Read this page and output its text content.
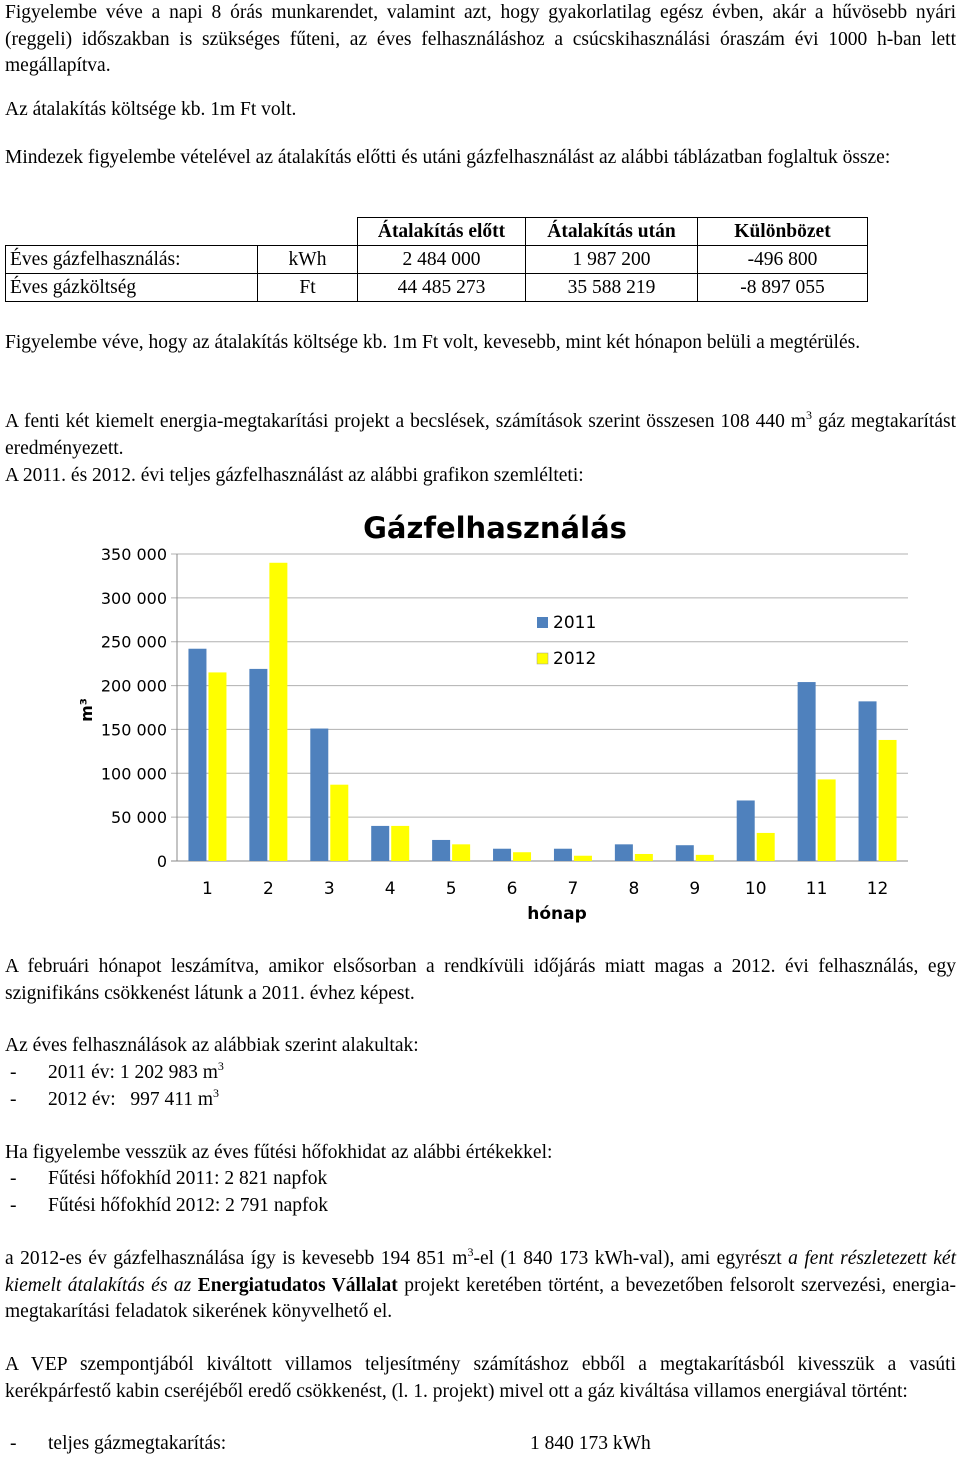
Figyelembe véve a napi 8 órás munkarendet, valamint azt, hogy gyakorlatilag egész évben, akár a hűvösebb nyári (reggeli) időszakban is szükséges fűteni, az éves felhasználáshoz a csúcskihasználási óraszám évi 1000 h-ban lett megállapítva.

Az átalakítás költsége kb. 1m Ft volt.

Mindezek figyelembe vételével az átalakítás előtti és utáni gázfelhasználást az alábbi táblázatban foglaltuk össze:

		Átalakítás előtt	Átalakítás után	Különbözet
Éves gázfelhasználás:	kWh	2 484 000	1 987 200	-496 800
Éves gázköltség	Ft	44 485 273	35 588 219	-8 897 055

Figyelembe véve, hogy az átalakítás költsége kb. 1m Ft volt, kevesebb, mint két hónapon belüli a megtérülés.

A fenti két kiemelt energia-megtakarítási projekt a becslések, számítások szerint összesen 108 440 $m^3$ gáz megtakarítást eredményezett.

A 2011. és 2012. évi teljes gázfelhasználást az alábbi grafikon szemlélteti:

Gázfelhasználás
0
50 000
100 000
150 000
200 000
250 000
300 000
350 000
1	2	3	4	5	6	7	8	9	10 11 12
m³
hónap
2011
2012

A februári hónapot leszámítva, amikor elsősorban a rendkívüli időjárás miatt magas a 2012. évi felhasználás, egy szignifikáns csökkenést látunk a 2011. évhez képest.

Az éves felhasználások az alábbiak szerint alakultak:

- 2011 év: 1 202 983 $m^3$
- 2012 év:   997 411 $m^3$

Ha figyelembe vesszük az éves fűtési hőfokhidat az alábbi értékekkel:

- Fűtési hőfokhíd 2011: 2 821 napfok
- Fűtési hőfokhíd 2012: 2 791 napfok

a 2012-es év gázfelhasználása így is kevesebb 194 851 $m^3-el$ (1 840 173 kWh-val), ami egyrészt a fent részletezett két kiemelt átalakítás és az Energiatudatos Vállalat projekt keretében történt, a bevezetőben felsorolt szervezési, energia-megtakarítási feladatok sikerének könyvelhető el.

A VEP szempontjából kiváltott villamos teljesítmény számításhoz ebből a megtakarításból kivesszük a vasúti kerékpárfestő kabin cseréjéből eredő csökkenést, (l. 1. projekt) mivel ott a gáz kiváltása villamos energiával történt:

- teljes gázmegtakarítás:	1 840 173 kWh
